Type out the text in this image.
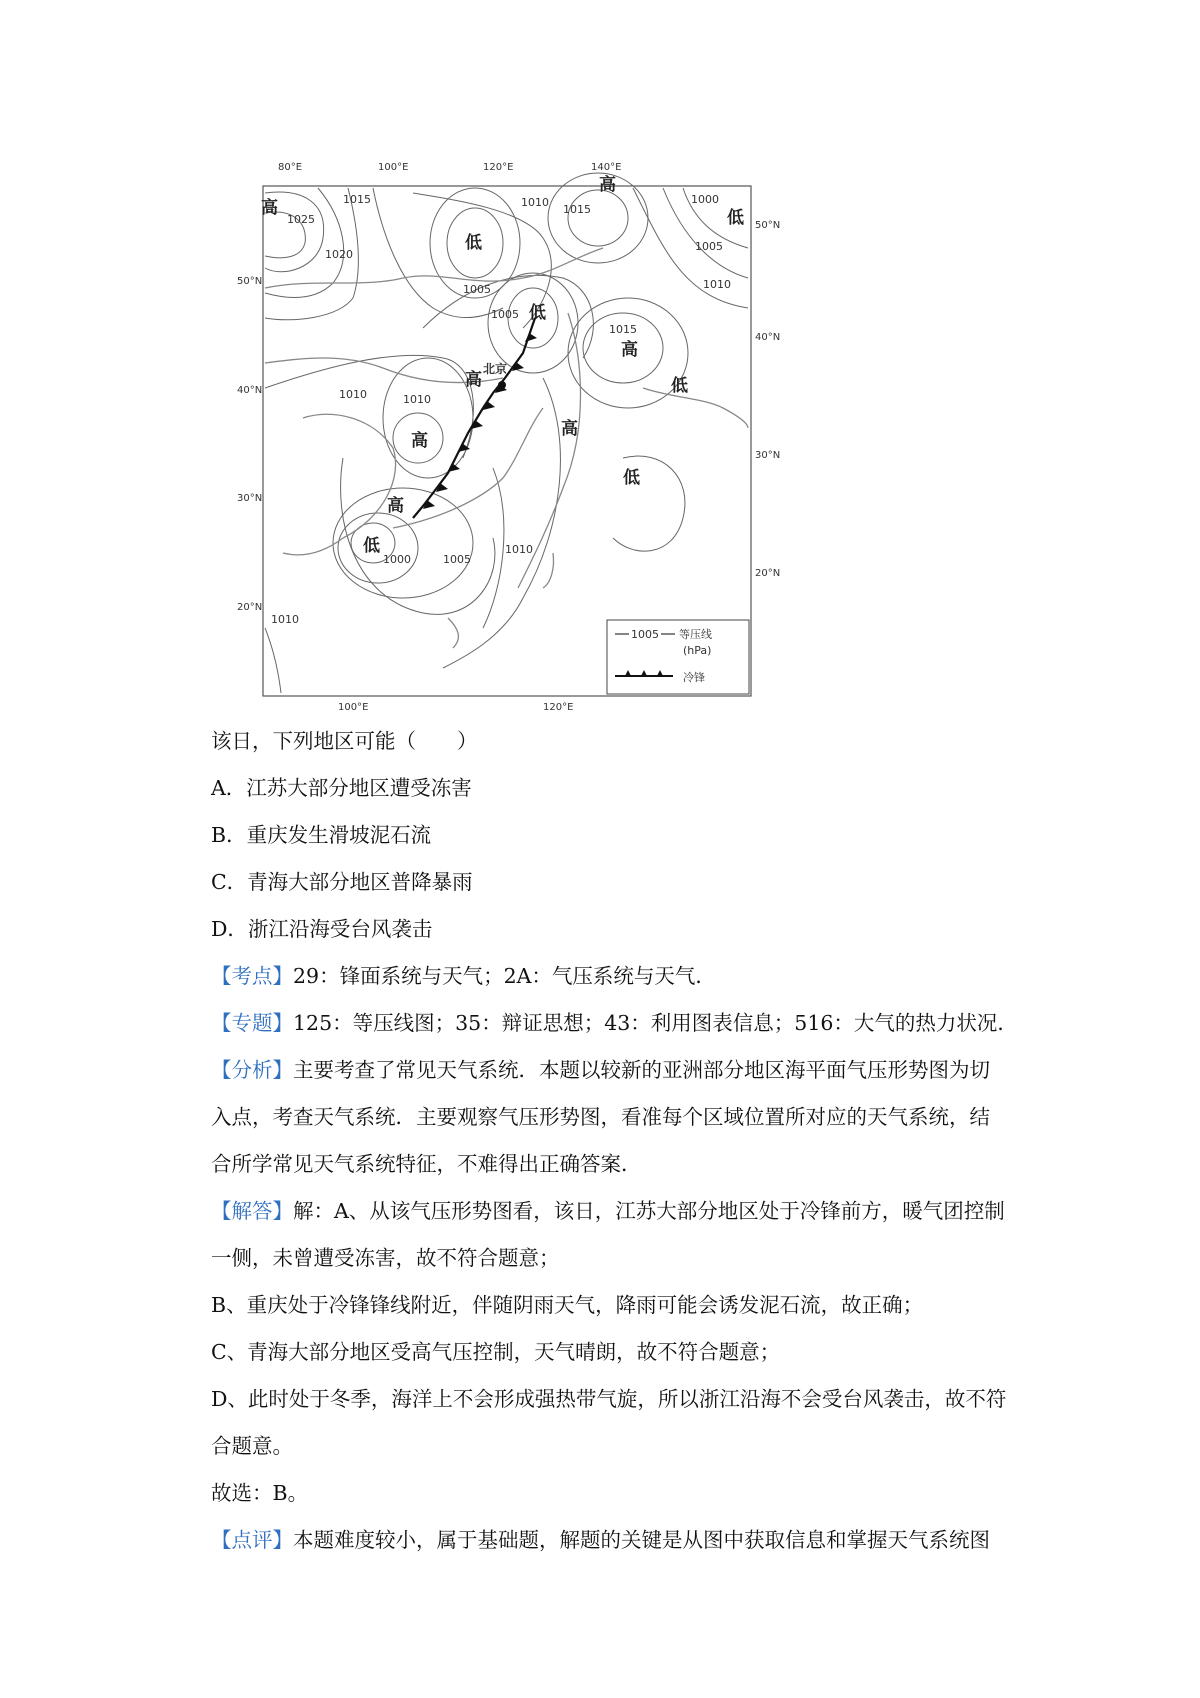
80°E	100°E	120°E	140°E
50°N
40°N
30°N
20°N
50°N
40°N
30°N
20°N
100°E	120°E
高
高
高
高
高
高
高
低
低
低
低
低
低
北京
1025
1015
1020
1010
1015
1000
1005
1010
1005
1005
1015
1010	1010
1000	1005
1010
1010
1005 等压线
(hPa)
冷锋
该日，下列地区可能（　　）
A．江苏大部分地区遭受冻害
B．重庆发生滑坡泥石流
C．青海大部分地区普降暴雨
D．浙江沿海受台风袭击
【考点】29：锋面系统与天气；2A：气压系统与天气．
【专题】125：等压线图；35：辩证思想；43：利用图表信息；516：大气的热力状况．
【分析】主要考查了常见天气系统．本题以较新的亚洲部分地区海平面气压形势图为切
入点，考查天气系统．主要观察气压形势图，看准每个区域位置所对应的天气系统，结
合所学常见天气系统特征，不难得出正确答案．
【解答】解：A、从该气压形势图看，该日，江苏大部分地区处于冷锋前方，暖气团控制
一侧，未曾遭受冻害，故不符合题意；
B、重庆处于冷锋锋线附近，伴随阴雨天气，降雨可能会诱发泥石流，故正确；
C、青海大部分地区受高气压控制，天气晴朗，故不符合题意；
D、此时处于冬季，海洋上不会形成强热带气旋，所以浙江沿海不会受台风袭击，故不符
合题意。
故选：B。
【点评】本题难度较小，属于基础题，解题的关键是从图中获取信息和掌握天气系统图
